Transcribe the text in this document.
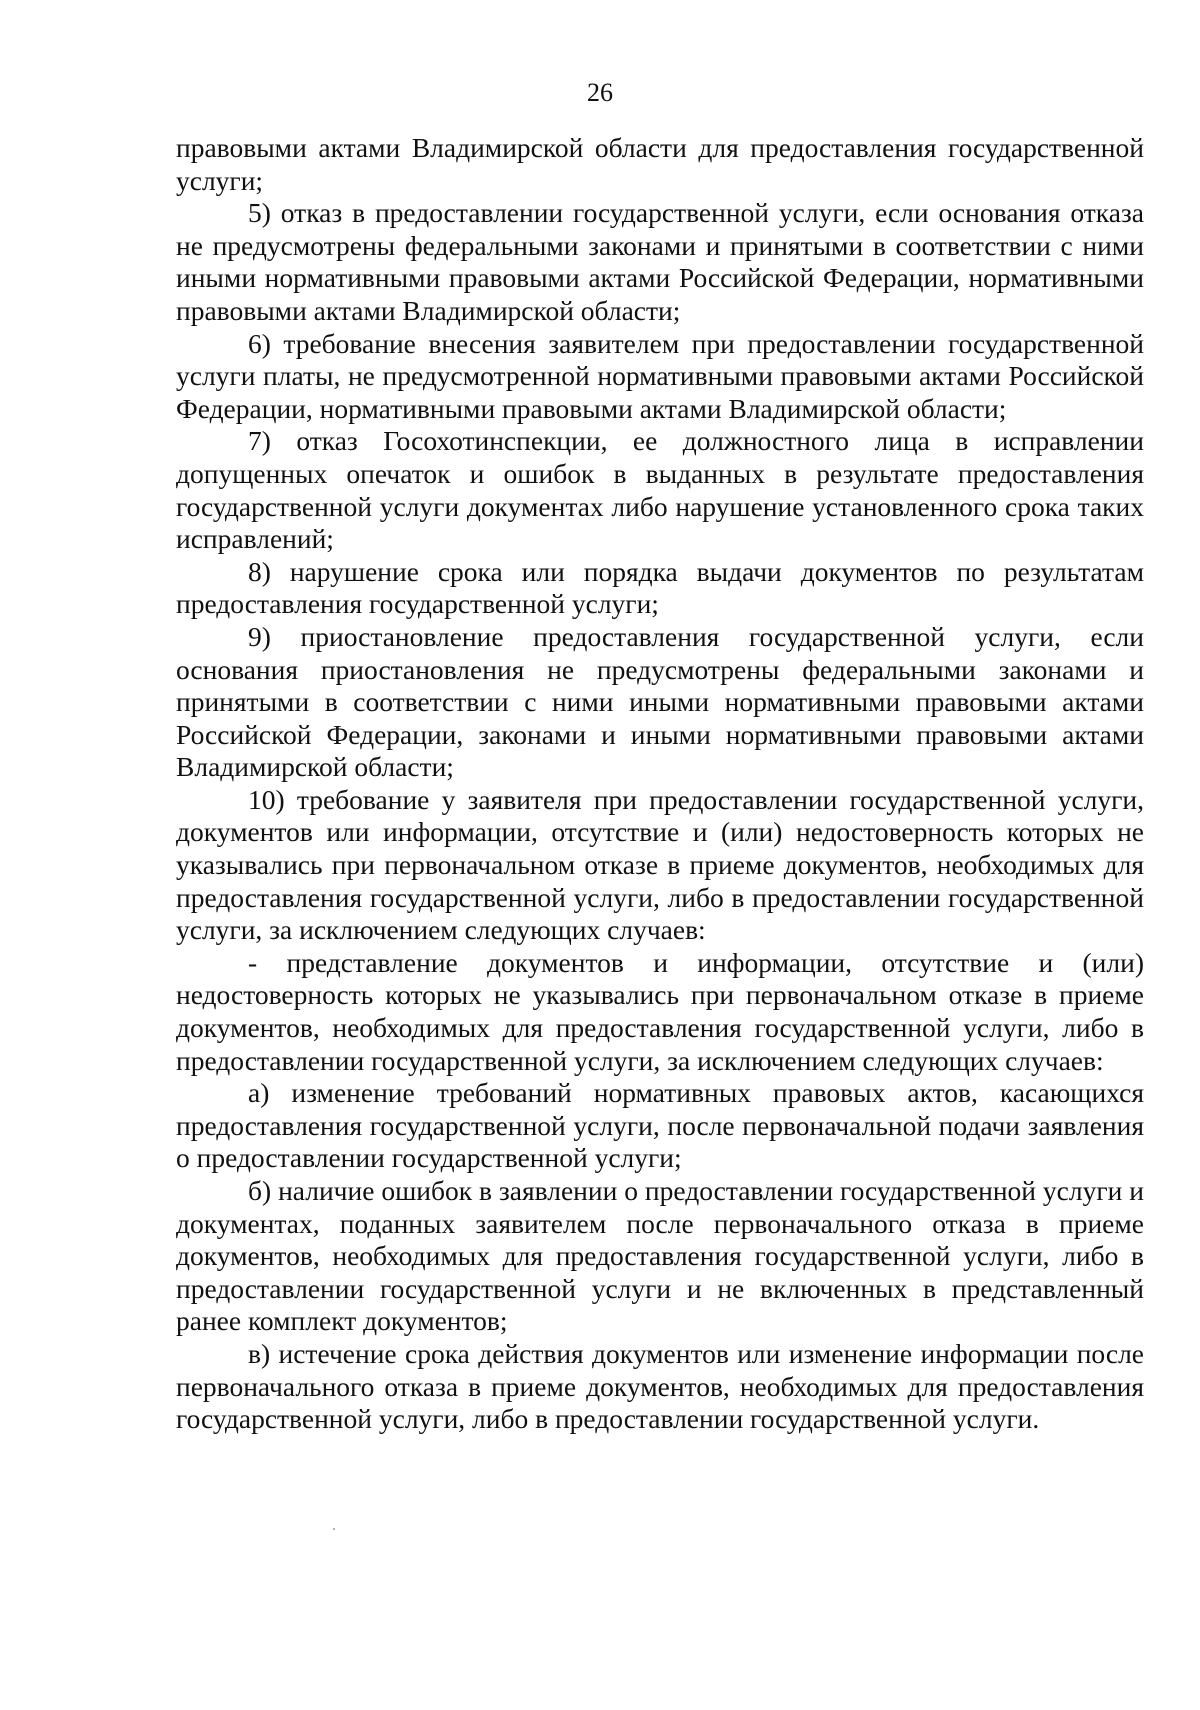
26

правовыми актами Владимирской области для предоставления государственной услуги;

5) отказ в предоставлении государственной услуги, если основания отказа не предусмотрены федеральными законами и принятыми в соответствии с ними иными нормативными правовыми актами Российской Федерации, нормативными правовыми актами Владимирской области;

6) требование внесения заявителем при предоставлении государственной услуги платы, не предусмотренной нормативными правовыми актами Российской Федерации, нормативными правовыми актами Владимирской области;

7) отказ Госохотинспекции, ее должностного лица в исправлении допущенных опечаток и ошибок в выданных в результате предоставления государственной услуги документах либо нарушение установленного срока таких исправлений;

8) нарушение срока или порядка выдачи документов по результатам предоставления государственной услуги;

9) приостановление предоставления государственной услуги, если основания приостановления не предусмотрены федеральными законами и принятыми в соответствии с ними иными нормативными правовыми актами Российской Федерации, законами и иными нормативными правовыми актами Владимирской области;

10) требование у заявителя при предоставлении государственной услуги, документов или информации, отсутствие и (или) недостоверность которых не указывались при первоначальном отказе в приеме документов, необходимых для предоставления государственной услуги, либо в предоставлении государственной услуги, за исключением следующих случаев:

- представление документов и информации, отсутствие и (или) недостоверность которых не указывались при первоначальном отказе в приеме документов, необходимых для предоставления государственной услуги, либо в предоставлении государственной услуги, за исключением следующих случаев:

а) изменение требований нормативных правовых актов, касающихся предоставления государственной услуги, после первоначальной подачи заявления о предоставлении государственной услуги;

б) наличие ошибок в заявлении о предоставлении государственной услуги и документах, поданных заявителем после первоначального отказа в приеме документов, необходимых для предоставления государственной услуги, либо в предоставлении государственной услуги и не включенных в представленный ранее комплект документов;

в) истечение срока действия документов или изменение информации после первоначального отказа в приеме документов, необходимых для предоставления государственной услуги, либо в предоставлении государственной услуги.
